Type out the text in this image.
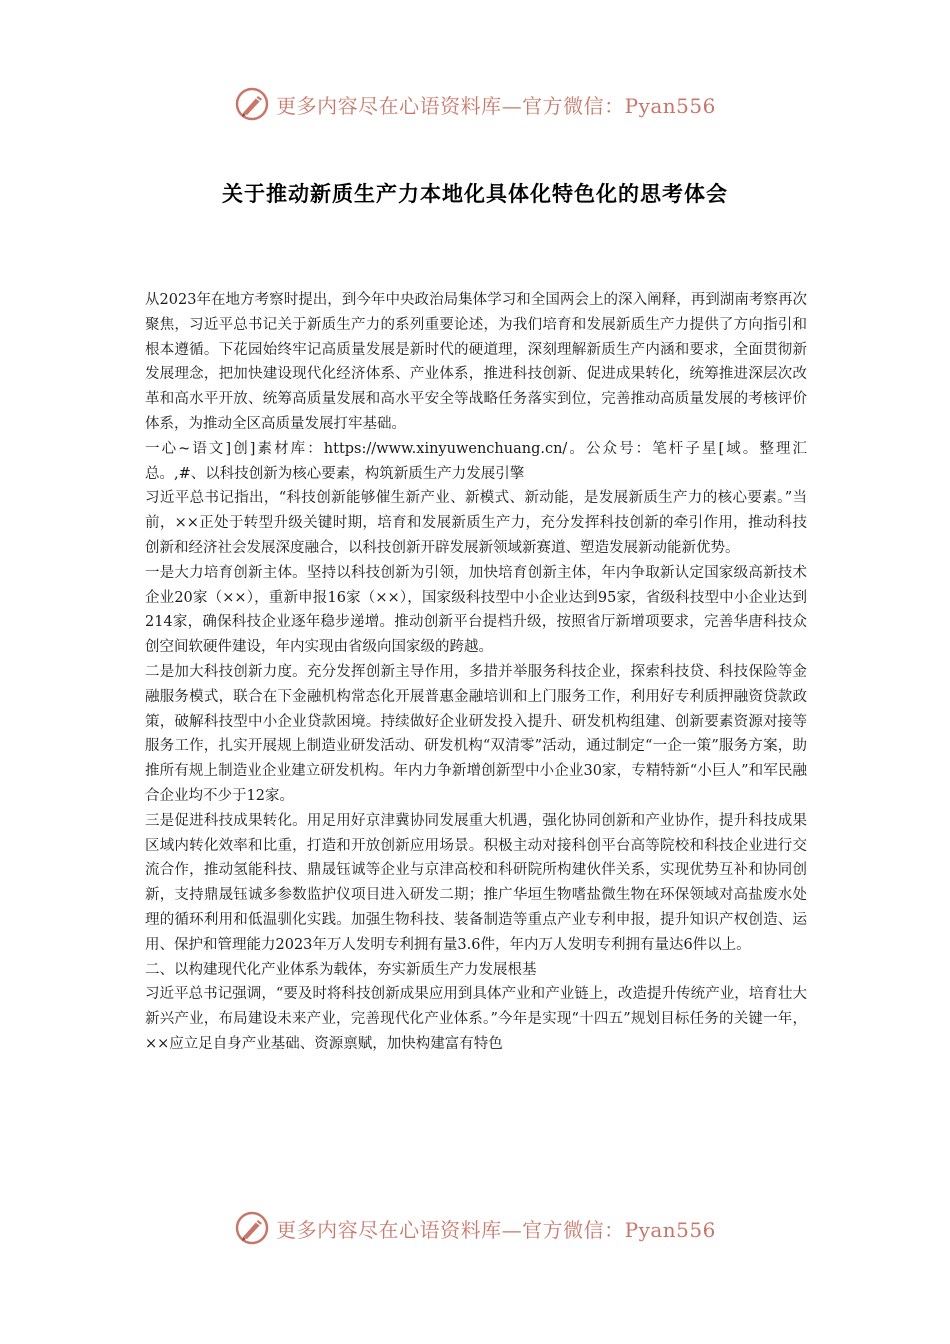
更多内容尽在心语资料库—官方微信：Pyan556
关于推动新质生产力本地化具体化特色化的思考体会

从2023年在地方考察时提出，到今年中央政治局集体学习和全国两会上的深入阐释，再到湖南考察再次聚焦，习近平总书记关于新质生产力的系列重要论述，为我们培育和发展新质生产力提供了方向指引和根本遵循。下花园始终牢记高质量发展是新时代的硬道理，深刻理解新质生产内涵和要求，全面贯彻新发展理念，把加快建设现代化经济体系、产业体系，推进科技创新、促进成果转化，统筹推进深层次改革和高水平开放、统筹高质量发展和高水平安全等战略任务落实到位，完善推动高质量发展的考核评价体系，为推动全区高质量发展打牢基础。

一心~语文]创]素材库：https://www.xinyuwenchuang.cn/。公众号：笔杆子星[域。整理汇总。,#、以科技创新为核心要素，构筑新质生产力发展引擎

习近平总书记指出，“科技创新能够催生新产业、新模式、新动能，是发展新质生产力的核心要素。”当前，××正处于转型升级关键时期，培育和发展新质生产力，充分发挥科技创新的牵引作用，推动科技创新和经济社会发展深度融合，以科技创新开辟发展新领域新赛道、塑造发展新动能新优势。

一是大力培育创新主体。坚持以科技创新为引领，加快培育创新主体，年内争取新认定国家级高新技术企业20家（××），重新申报16家（××），国家级科技型中小企业达到95家，省级科技型中小企业达到214家，确保科技企业逐年稳步递增。推动创新平台提档升级，按照省厅新增项要求，完善华唐科技众创空间软硬件建设，年内实现由省级向国家级的跨越。

二是加大科技创新力度。充分发挥创新主导作用，多措并举服务科技企业，探索科技贷、科技保险等金融服务模式，联合在下金融机构常态化开展普惠金融培训和上门服务工作，利用好专利质押融资贷款政策，破解科技型中小企业贷款困境。持续做好企业研发投入提升、研发机构组建、创新要素资源对接等服务工作，扎实开展规上制造业研发活动、研发机构“双清零”活动，通过制定“一企一策”服务方案，助推所有规上制造业企业建立研发机构。年内力争新增创新型中小企业30家，专精特新“小巨人”和军民融合企业均不少于12家。

三是促进科技成果转化。用足用好京津冀协同发展重大机遇，强化协同创新和产业协作，提升科技成果区域内转化效率和比重，打造和开放创新应用场景。积极主动对接科创平台高等院校和科技企业进行交流合作，推动氢能科技、鼎晟钰诚等企业与京津高校和科研院所构建伙伴关系，实现优势互补和协同创新，支持鼎晟钰诚多参数监护仪项目进入研发二期；推广华垣生物嗜盐微生物在环保领域对高盐废水处理的循环利用和低温驯化实践。加强生物科技、装备制造等重点产业专利申报，提升知识产权创造、运用、保护和管理能力2023年万人发明专利拥有量3.6件，年内万人发明专利拥有量达6件以上。

二、以构建现代化产业体系为载体，夯实新质生产力发展根基

习近平总书记强调，“要及时将科技创新成果应用到具体产业和产业链上，改造提升传统产业，培育壮大新兴产业，布局建设未来产业，完善现代化产业体系。”今年是实现“十四五”规划目标任务的关键一年，××应立足自身产业基础、资源禀赋，加快构建富有特色

更多内容尽在心语资料库—官方微信：Pyan556
